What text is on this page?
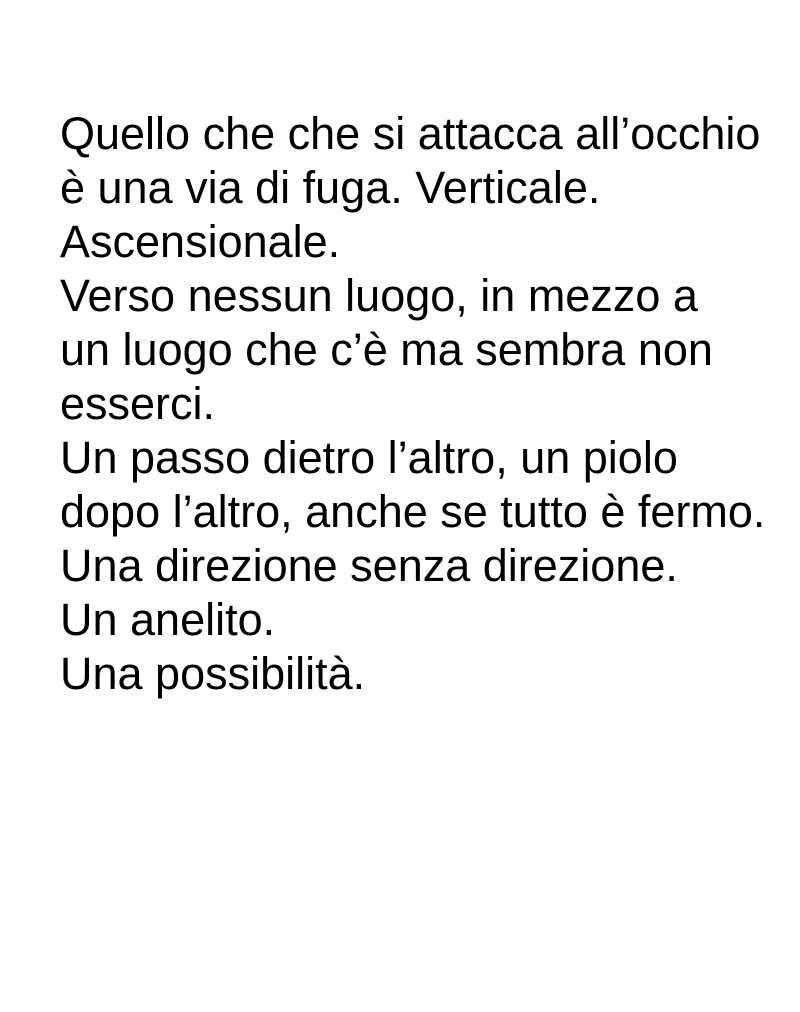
Quello che che si attacca all’occhio
è una via di fuga. Verticale.
Ascensionale.
Verso nessun luogo, in mezzo a
un luogo che c’è ma sembra non
esserci.
Un passo dietro l’altro, un piolo
dopo l’altro, anche se tutto è fermo.
Una direzione senza direzione.
Un anelito.
Una possibilità.
